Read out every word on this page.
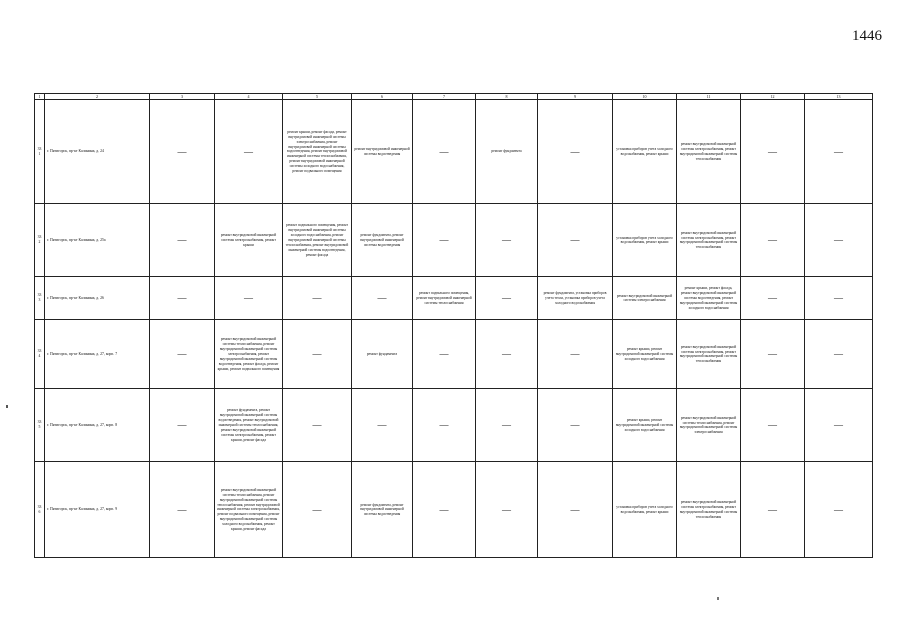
1446
1	2	3	4	5	6	7	8	9	10	11	12	13
331	г. Пятигорск, пр-кт Калинина, д. 24	—	—	ремонт крыши, ремонт фасада, ремонт внутридомовой инженерной системы электроснабжения, ремонт внутридомовой инженерной системы водоотведения, ремонт внутридомовой инженерной системы теплоснабжения, ремонт внутридомовой инженерной системы холодного водоснабжения, ремонт подвального помещения	ремонт внутридомовой инженерной системы водоотведения	—	ремонт фундамента	—	установка приборов учета холодного водоснабжения, ремонт крыши	ремонт внутридомовой инженерной системы электроснабжения, ремонт внутридомовой инженерной системы теплоснабжения	—	—
332	г. Пятигорск, пр-кт Калинина, д. 25а	—	ремонт внутридомовой инженерной системы электроснабжения, ремонт крыши	ремонт подвального помещения, ремонт внутридомовой инженерной системы холодного водоснабжения, ремонт внутридомовой инженерной системы теплоснабжения, ремонт внутридомовой инженерной системы водоотведения, ремонт фасада	ремонт фундамента, ремонт внутридомовой инженерной системы водоотведения	—	—	—	установка приборов учета холодного водоснабжения, ремонт крыши	ремонт внутридомовой инженерной системы электроснабжения, ремонт внутридомовой инженерной системы теплоснабжения	—	—
333	г. Пятигорск, пр-кт Калинина, д. 26	—	—	—	—	ремонт подвального помещения, ремонт внутридомовой инженерной системы теплоснабжения	—	ремонт фундамента, установка приборов учета тепла, установка приборов учета холодного водоснабжения	ремонт внутридомовой инженерной системы электроснабжения	ремонт крыши, ремонт фасада, ремонт внутридомовой инженерной системы водоотведения, ремонт внутридомовой инженерной системы холодного водоснабжения	—	—
334	г. Пятигорск, пр-кт Калинина, д. 27, корп. 7	—	ремонт внутридомовой инженерной системы теплоснабжения, ремонт внутридомовой инженерной системы электроснабжения, ремонт внутридомовой инженерной системы водоотведения, ремонт фасада, ремонт крыши, ремонт подвального помещения	—	ремонт фундамента	—	—	—	ремонт крыши, ремонт внутридомовой инженерной системы холодного водоснабжения	ремонт внутридомовой инженерной системы электроснабжения, ремонт внутридомовой инженерной системы теплоснабжения	—	—
335	г. Пятигорск, пр-кт Калинина, д. 27, корп. 8	—	ремонт фундамента, ремонт внутридомовой инженерной системы водоотведения, ремонт внутридомовой инженерной системы теплоснабжения, ремонт внутридомовой инженерной системы электроснабжения, ремонт крыши, ремонт фасада	—	—	—	—	—	ремонт крыши, ремонт внутридомовой инженерной системы холодного водоснабжения	ремонт внутридомовой инженерной системы теплоснабжения, ремонт внутридомовой инженерной системы электроснабжения	—	—
336	г. Пятигорск, пр-кт Калинина, д. 27, корп. 9	—	ремонт внутридомовой инженерной системы теплоснабжения, ремонт внутридомовой инженерной системы теплоснабжения, ремонт внутридомовой инженерной системы электроснабжения, ремонт подвального помещения, ремонт внутридомовой инженерной системы холодного водоснабжения, ремонт крыши, ремонт фасада	—	ремонт фундамента, ремонт внутридомовой инженерной системы водоотведения	—	—	—	установка приборов учета холодного водоснабжения, ремонт крыши	ремонт внутридомовой инженерной системы электроснабжения, ремонт внутридомовой инженерной системы теплоснабжения	—	—
